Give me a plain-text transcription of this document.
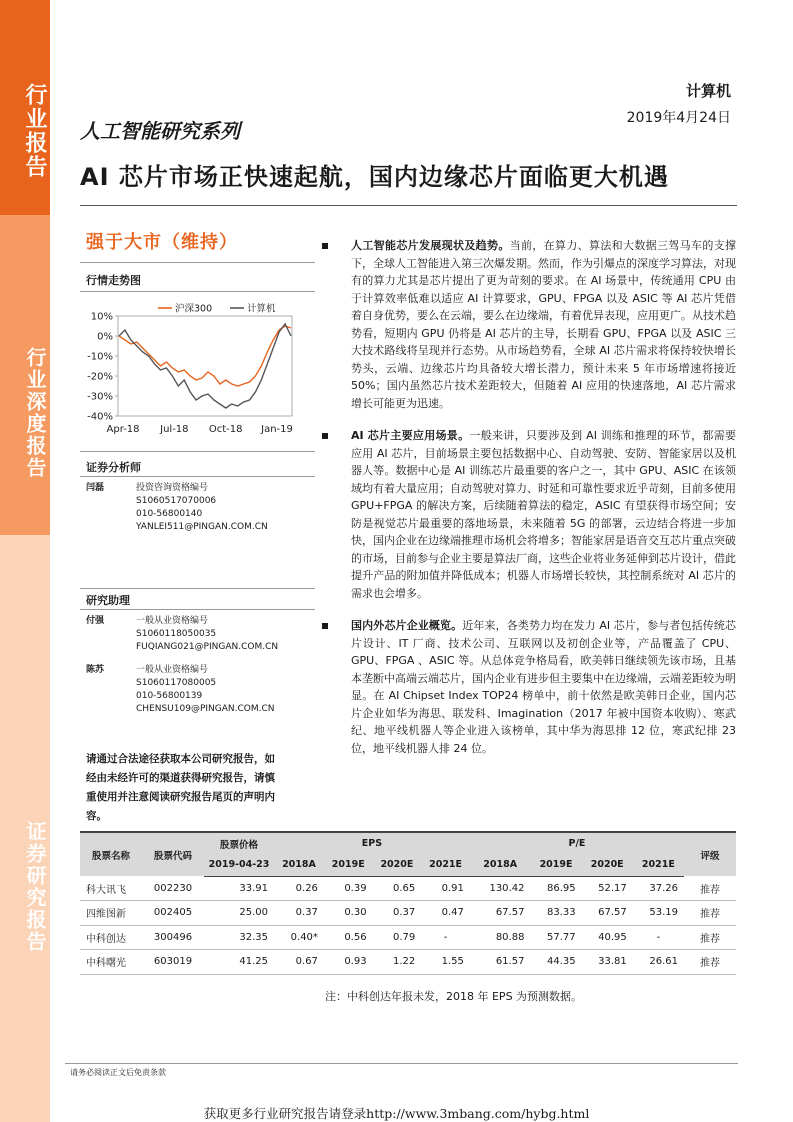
行业报告
行业深度报告
证券研究报告
计算机
2019年4月24日
人工智能研究系列
AI 芯片市场正快速起航，国内边缘芯片面临更大机遇
强于大市（维持）
行情走势图
10%
0%
-10%
-20%
-30%
-40%
Apr-18 Jul-18 Oct-18 Jan-19
沪深300	计算机
证券分析师
闫磊	投资咨询资格编号
S1060517070006
010-56800140
YANLEI511@PINGAN.COM.CN
研究助理
付强	一般从业资格编号
S1060118050035
FUQIANG021@PINGAN.COM.CN
陈苏	一般从业资格编号
S1060117080005
010-56800139
CHENSU109@PINGAN.COM.CN
请通过合法途径获取本公司研究报告，如经由未经许可的渠道获得研究报告，请慎重使用并注意阅读研究报告尾页的声明内容。
人工智能芯片发展现状及趋势。当前，在算力、算法和大数据三驾马车的支撑下，全球人工智能进入第三次爆发期。然而，作为引爆点的深度学习算法，对现有的算力尤其是芯片提出了更为苛刻的要求。在 AI 场景中，传统通用 CPU 由于计算效率低难以适应 AI 计算要求，GPU、FPGA 以及 ASIC 等 AI 芯片凭借着自身优势，要么在云端，要么在边缘端，有着优异表现，应用更广。从技术趋势看，短期内 GPU 仍将是 AI 芯片的主导，长期看 GPU、FPGA 以及 ASIC 三大技术路线将呈现并行态势。从市场趋势看，全球 AI 芯片需求将保持较快增长势头，云端、边缘芯片均具备较大增长潜力，预计未来 5 年市场增速将接近 50%；国内虽然芯片技术差距较大，但随着 AI 应用的快速落地，AI 芯片需求增长可能更为迅速。
AI 芯片主要应用场景。一般来讲，只要涉及到 AI 训练和推理的环节，都需要应用 AI 芯片，目前场景主要包括数据中心、自动驾驶、安防、智能家居以及机器人等。数据中心是 AI 训练芯片最重要的客户之一，其中 GPU、ASIC 在该领域均有着大量应用；自动驾驶对算力、时延和可靠性要求近乎苛刻，目前多使用 GPU+FPGA 的解决方案，后续随着算法的稳定，ASIC 有望获得市场空间；安防是视觉芯片最重要的落地场景，未来随着 5G 的部署，云边结合将进一步加快，国内企业在边缘端推理市场机会将增多；智能家居是语音交互芯片重点突破的市场，目前参与企业主要是算法厂商，这些企业将业务延伸到芯片设计，借此提升产品的附加值并降低成本；机器人市场增长较快，其控制系统对 AI 芯片的需求也会增多。
国内外芯片企业概览。近年来，各类势力均在发力 AI 芯片，参与者包括传统芯片设计、IT 厂商、技术公司、互联网以及初创企业等，产品覆盖了 CPU、GPU、FPGA 、ASIC 等。从总体竞争格局看，欧美韩日继续领先该市场，且基本垄断中高端云端芯片，国内企业有进步但主要集中在边缘端，云端差距较为明显。在 AI Chipset Index TOP24 榜单中，前十依然是欧美韩日企业，国内芯片企业如华为海思、联发科、Imagination（2017 年被中国资本收购）、寒武纪、地平线机器人等企业进入该榜单，其中华为海思排 12 位，寒武纪排 23 位，地平线机器人排 24 位。
股票名称	股票代码	股票价格	EPS				P/E				评级
		2019-04-23	2018A	2019E	2020E	2021E	2018A	2019E	2020E	2021E	
科大讯飞	002230	33.91	0.26	0.39	0.65	0.91	130.42	86.95	52.17	37.26	推荐
四维图新	002405	25.00	0.37	0.30	0.37	0.47	67.57	83.33	67.57	53.19	推荐
中科创达	300496	32.35	0.40*	0.56	0.79	-	80.88	57.77	40.95	-	推荐
中科曙光	603019	41.25	0.67	0.93	1.22	1.55	61.57	44.35	33.81	26.61	推荐
注：中科创达年报未发，2018 年 EPS 为预测数据。
请务必阅读正文后免责条款
获取更多行业研究报告请登录http://www.3mbang.com/hybg.html
